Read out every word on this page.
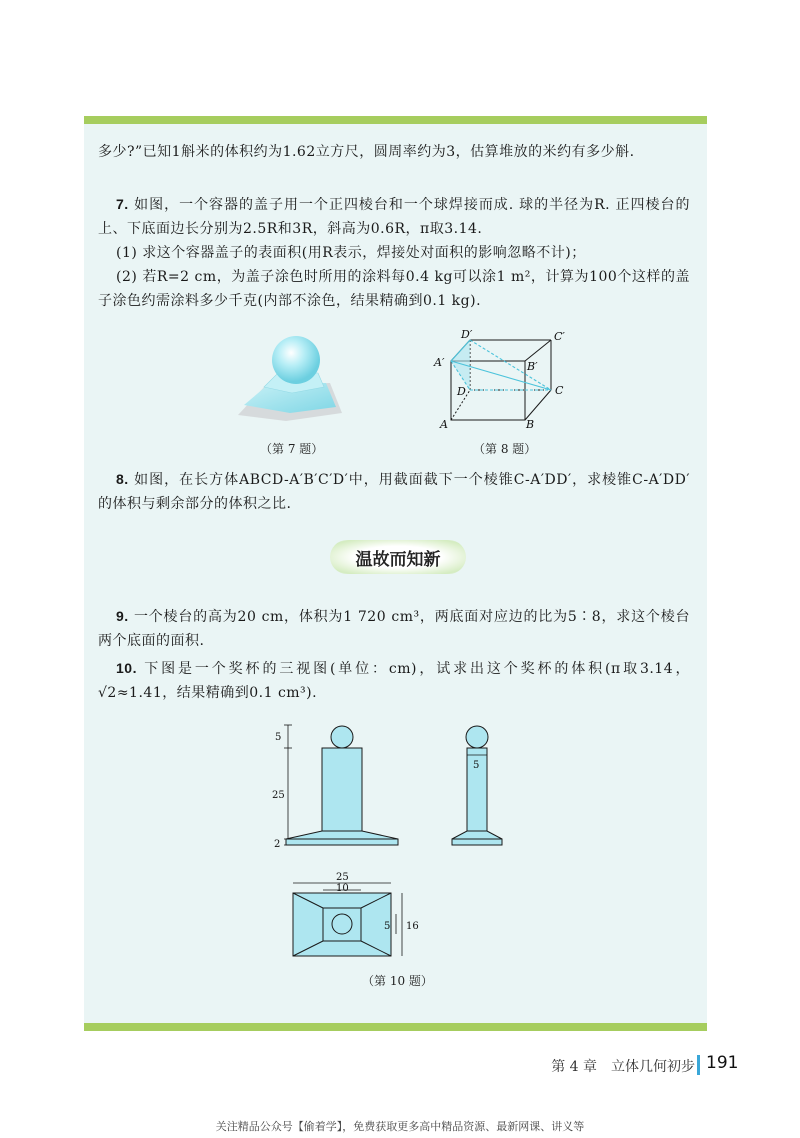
多少?”已知1斛米的体积约为1.62立方尺，圆周率约为3，估算堆放的米约有多少斛.

7. 如图，一个容器的盖子用一个正四棱台和一个球焊接而成. 球的半径为R. 正四棱台的上、下底面边长分别为2.5R和3R，斜高为0.6R，π取3.14.

(1) 求这个容器盖子的表面积(用R表示，焊接处对面积的影响忽略不计)；

(2) 若R=2 cm，为盖子涂色时所用的涂料每0.4 kg可以涂1 m²，计算为100个这样的盖子涂色约需涂料多少千克(内部不涂色，结果精确到0.1 kg).

（第 7 题）
D′	C′
A′	B′
D	C
A	B
（第 8 题）

8. 如图，在长方体ABCD-A′B′C′D′中，用截面截下一个棱锥C-A′DD′，求棱锥C-A′DD′的体积与剩余部分的体积之比.

温故而知新

9. 一个棱台的高为20 cm，体积为1 720 cm³，两底面对应边的比为5∶8，求这个棱台两个底面的面积.

10. 下图是一个奖杯的三视图(单位：cm)，试求出这个奖杯的体积(π取3.14，√2≈1.41，结果精确到0.1 cm³).

5
25
2
5
25
10
5 16
（第 10 题）
第 4 章　立体几何初步 191
关注精品公众号【偷着学】，免费获取更多高中精品资源、最新网课、讲义等
